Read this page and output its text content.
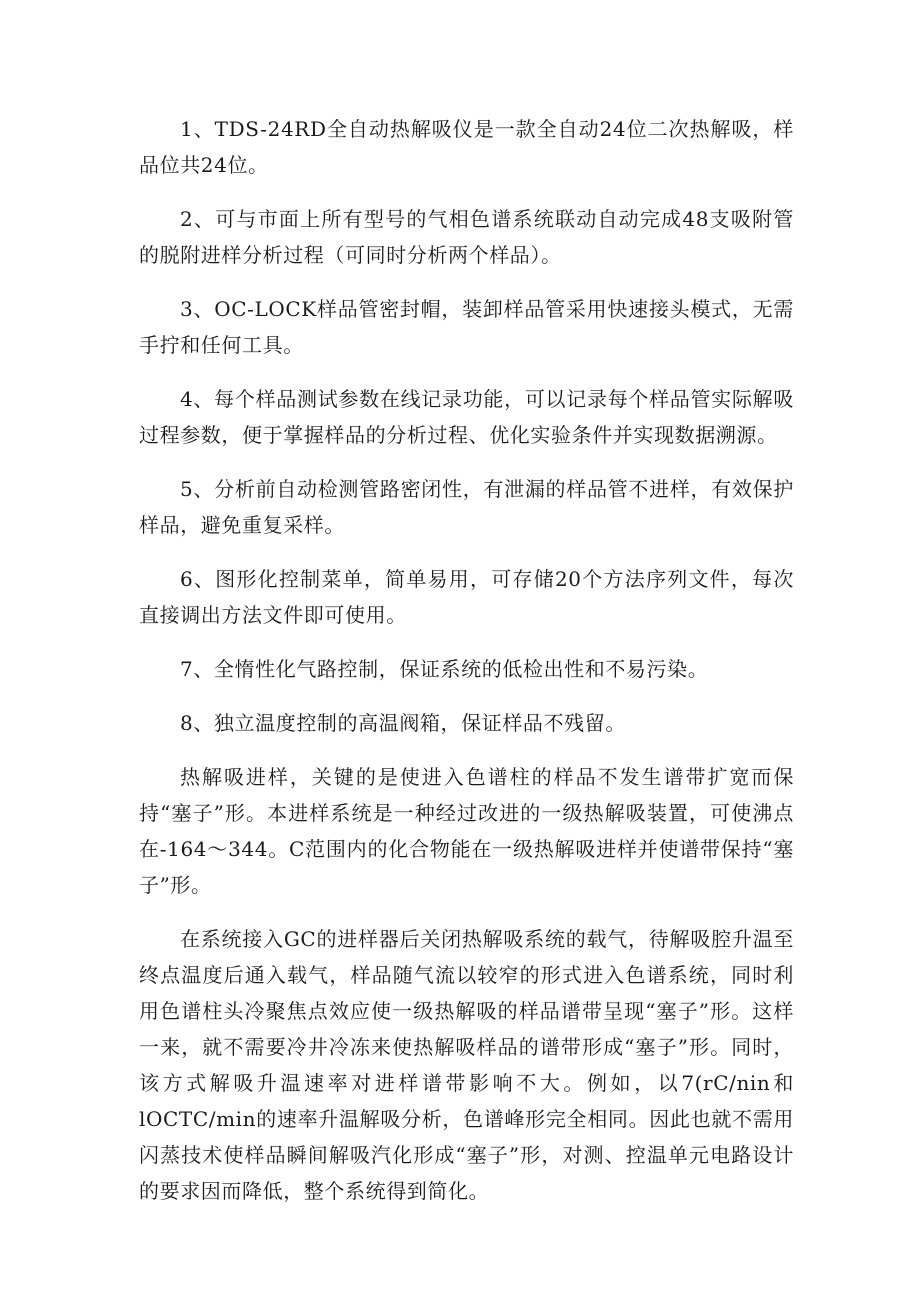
1、TDS-24RD全自动热解吸仪是一款全自动24位二次热解吸，样品位共24位。

2、可与市面上所有型号的气相色谱系统联动自动完成48支吸附管的脱附进样分析过程（可同时分析两个样品）。

3、OC-LOCK样品管密封帽，装卸样品管采用快速接头模式，无需手拧和任何工具。

4、每个样品测试参数在线记录功能，可以记录每个样品管实际解吸过程参数，便于掌握样品的分析过程、优化实验条件并实现数据溯源。

5、分析前自动检测管路密闭性，有泄漏的样品管不进样，有效保护样品，避免重复采样。

6、图形化控制菜单，简单易用，可存储20个方法序列文件，每次直接调出方法文件即可使用。

7、全惰性化气路控制，保证系统的低检出性和不易污染。

8、独立温度控制的高温阀箱，保证样品不残留。

热解吸进样，关键的是使进入色谱柱的样品不发生谱带扩宽而保持“塞子”形。本进样系统是一种经过改进的一级热解吸装置，可使沸点在-164～344。C范围内的化合物能在一级热解吸进样并使谱带保持“塞子”形。

在系统接入GC的进样器后关闭热解吸系统的载气，待解吸腔升温至终点温度后通入载气，样品随气流以较窄的形式进入色谱系统，同时利用色谱柱头冷聚焦点效应使一级热解吸的样品谱带呈现“塞子”形。这样一来，就不需要冷井冷冻来使热解吸样品的谱带形成“塞子”形。同时，该方式解吸升温速率对进样谱带影响不大。例如，以7(rC∕nin和lOCTC/min的速率升温解吸分析，色谱峰形完全相同。因此也就不需用闪蒸技术使样品瞬间解吸汽化形成“塞子”形，对测、控温单元电路设计的要求因而降低，整个系统得到简化。
